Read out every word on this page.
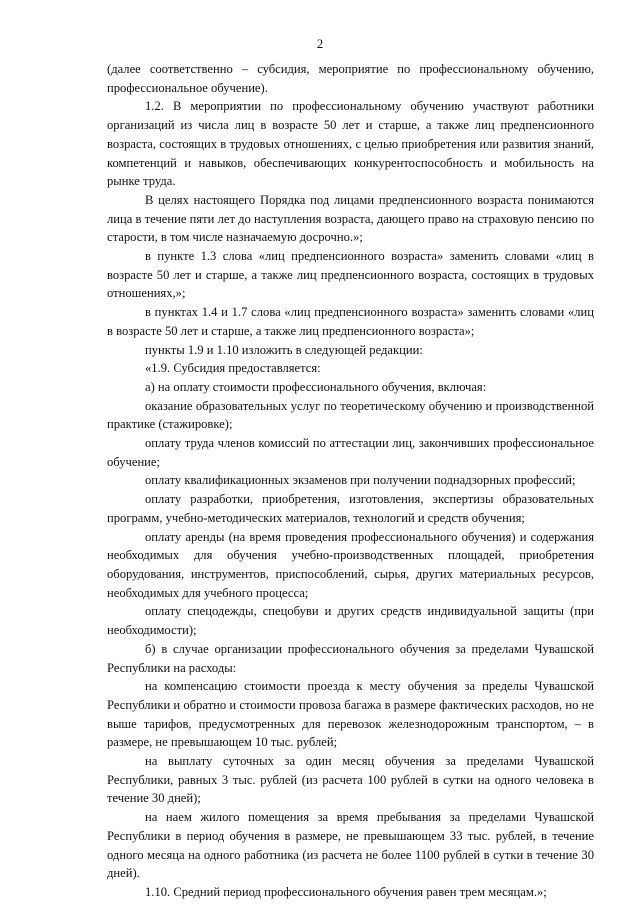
2

(далее соответственно – субсидия, мероприятие по профессиональному обучению, профессиональное обучение).

1.2. В мероприятии по профессиональному обучению участвуют работники организаций из числа лиц в возрасте 50 лет и старше, а также лиц предпенсионного возраста, состоящих в трудовых отношениях, с целью приобретения или развития знаний, компетенций и навыков, обеспечивающих конкурентоспособность и мобильность на рынке труда.

В целях настоящего Порядка под лицами предпенсионного возраста понимаются лица в течение пяти лет до наступления возраста, дающего право на страховую пенсию по старости, в том числе назначаемую досрочно.»;

в пункте 1.3 слова «лиц предпенсионного возраста» заменить словами «лиц в возрасте 50 лет и старше, а также лиц предпенсионного возраста, состоящих в трудовых отношениях,»;

в пунктах 1.4 и 1.7 слова «лиц предпенсионного возраста» заменить словами «лиц в возрасте 50 лет и старше, а также лиц предпенсионного возраста»;

пункты 1.9 и 1.10 изложить в следующей редакции:

«1.9. Субсидия предоставляется:

а) на оплату стоимости профессионального обучения, включая:

оказание образовательных услуг по теоретическому обучению и производственной практике (стажировке);

оплату труда членов комиссий по аттестации лиц, закончивших профессиональное обучение;

оплату квалификационных экзаменов при получении поднадзорных профессий;

оплату разработки, приобретения, изготовления, экспертизы образовательных программ, учебно-методических материалов, технологий и средств обучения;

оплату аренды (на время проведения профессионального обучения) и содержания необходимых для обучения учебно-производственных площадей, приобретения оборудования, инструментов, приспособлений, сырья, других материальных ресурсов, необходимых для учебного процесса;

оплату спецодежды, спецобуви и других средств индивидуальной защиты (при необходимости);

б) в случае организации профессионального обучения за пределами Чувашской Республики на расходы:

на компенсацию стоимости проезда к месту обучения за пределы Чувашской Республики и обратно и стоимости провоза багажа в размере фактических расходов, но не выше тарифов, предусмотренных для перевозок железнодорожным транспортом, – в размере, не превышающем 10 тыс. рублей;

на выплату суточных за один месяц обучения за пределами Чувашской Республики, равных 3 тыс. рублей (из расчета 100 рублей в сутки на одного человека в течение 30 дней);

на наем жилого помещения за время пребывания за пределами Чувашской Республики в период обучения в размере, не превышающем 33 тыс. рублей, в течение одного месяца на одного работника (из расчета не более 1100 рублей в сутки в течение 30 дней).

1.10. Средний период профессионального обучения равен трем месяцам.»;
